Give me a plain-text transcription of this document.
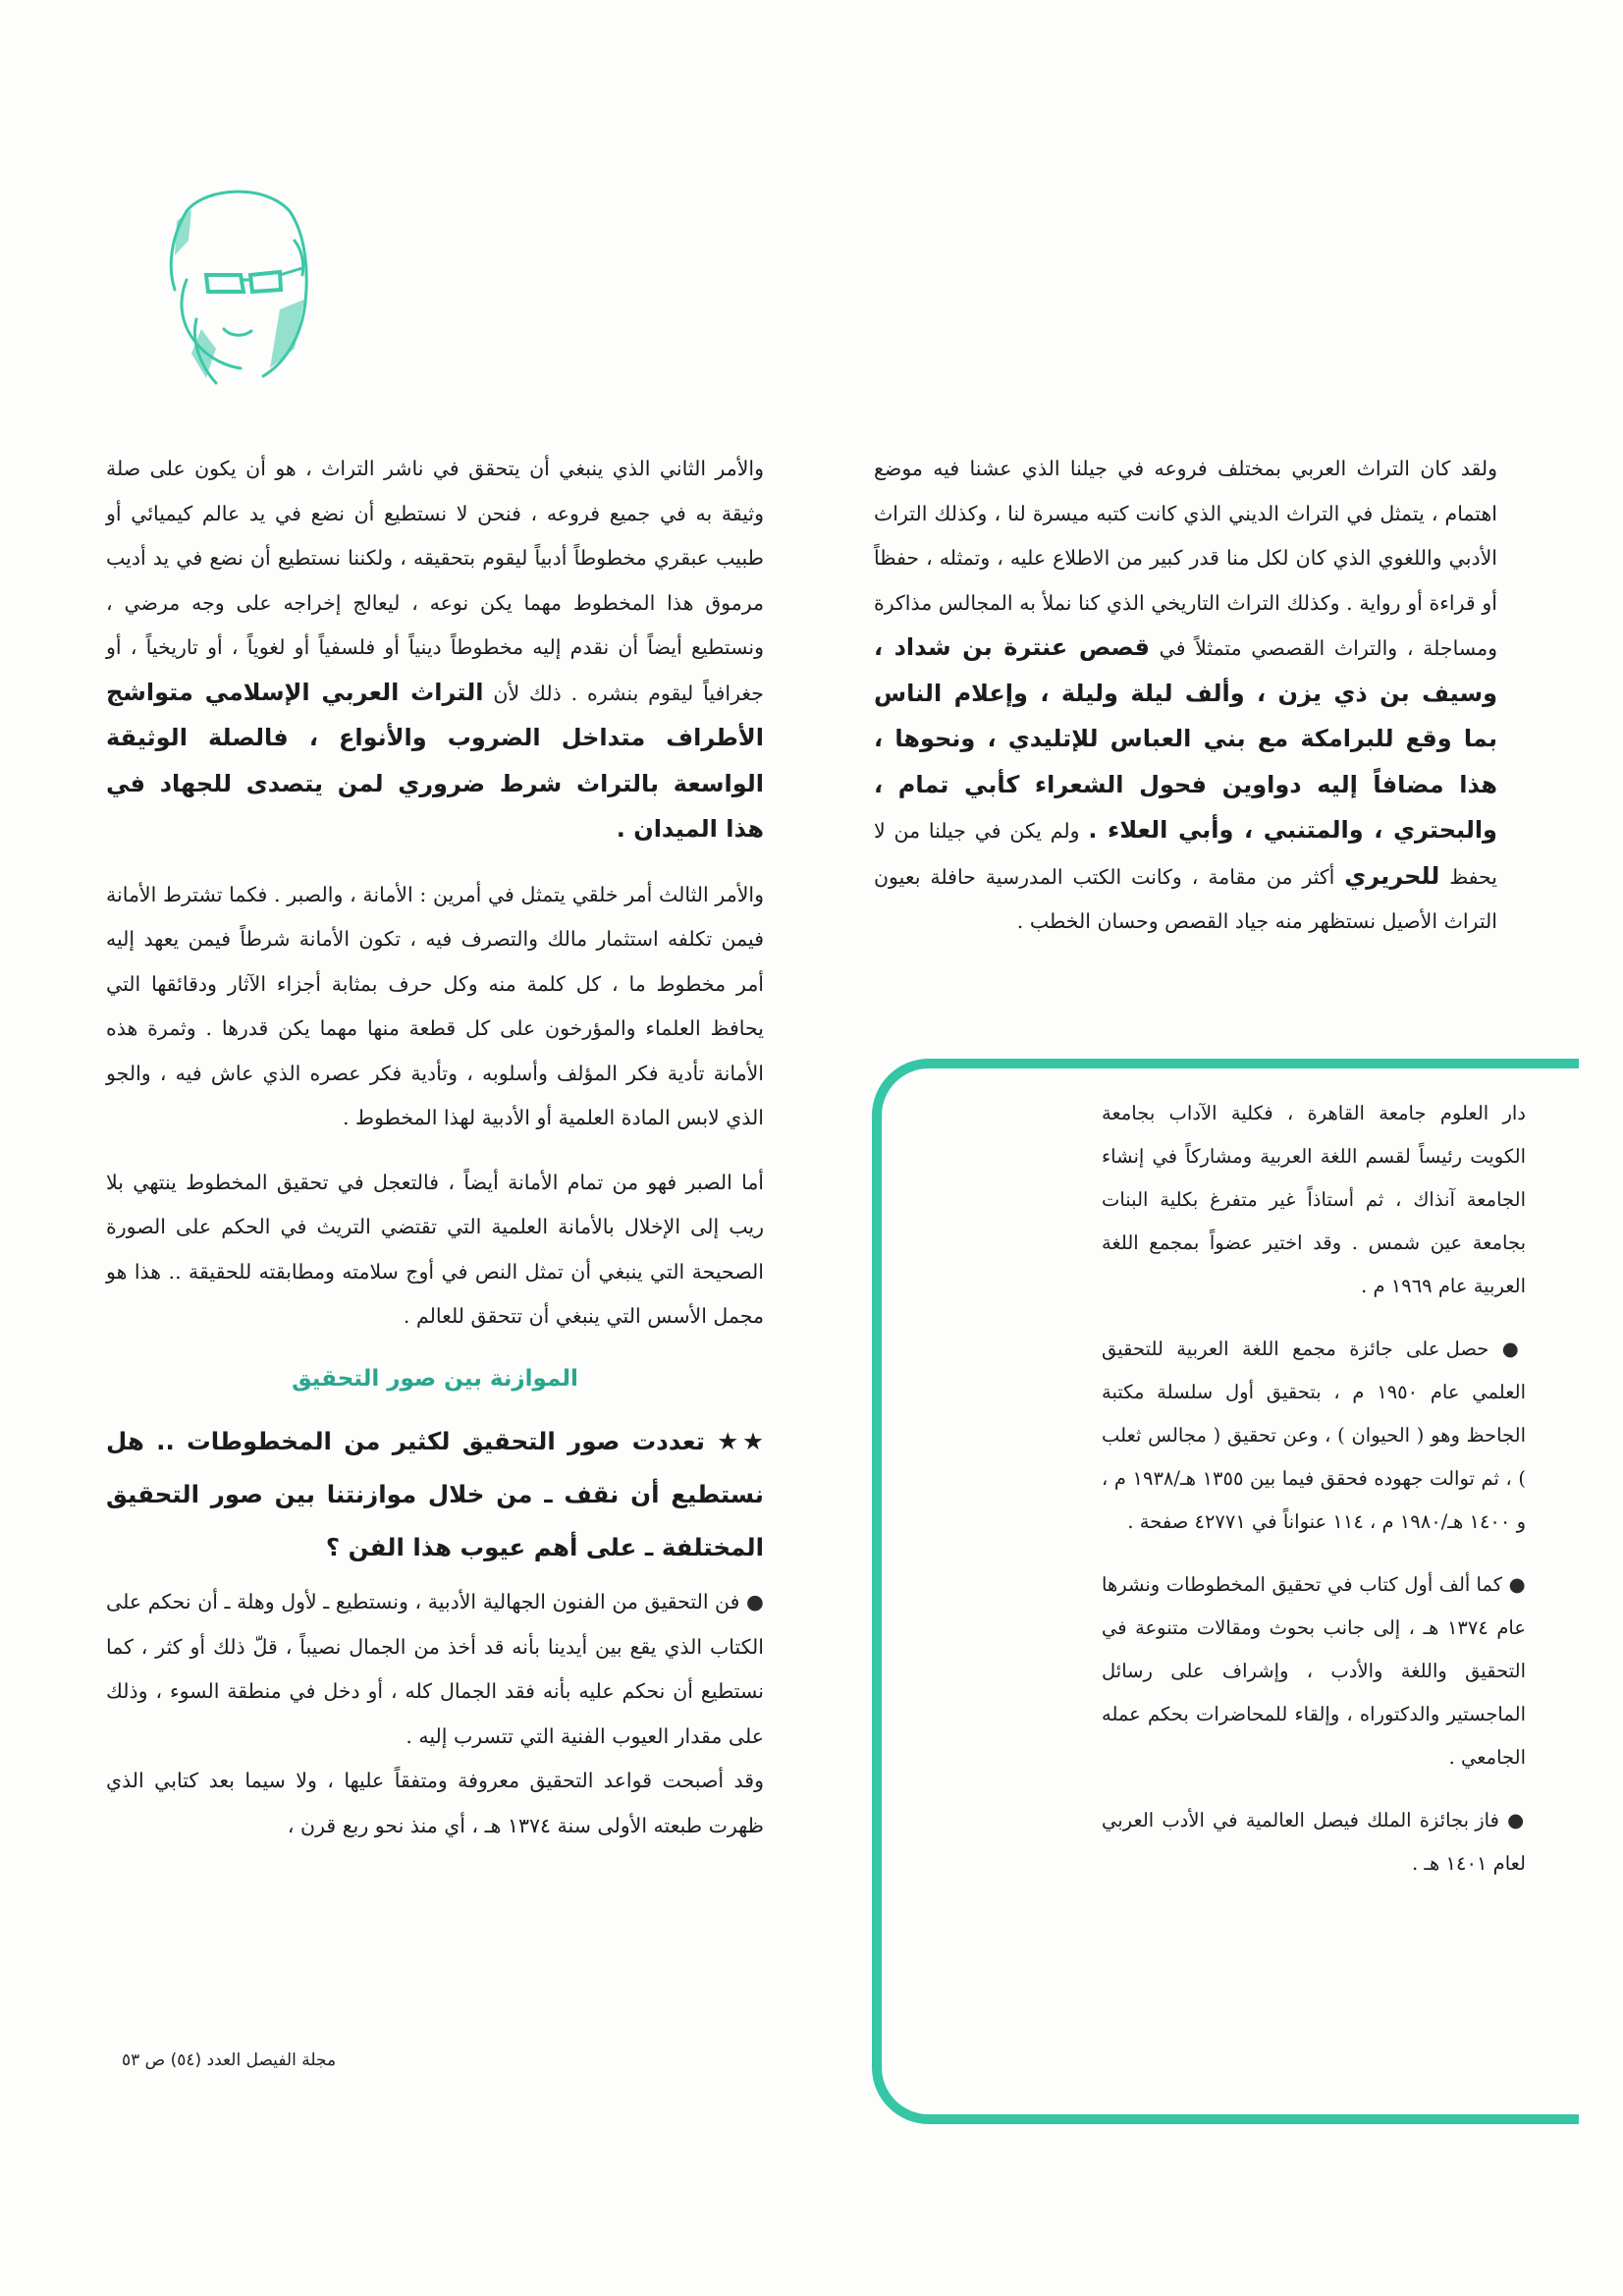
ولقد كان التراث العربي بمختلف فروعه في جيلنا الذي عشنا فيه موضع اهتمام ، يتمثل في التراث الديني الذي كانت كتبه ميسرة لنا ، وكذلك التراث الأدبي واللغوي الذي كان لكل منا قدر كبير من الاطلاع عليه ، وتمثله ، حفظاً أو قراءة أو رواية . وكذلك التراث التاريخي الذي كنا نملأ به المجالس مذاكرة ومساجلة ، والتراث القصصي متمثلاً في قصص عنترة بن شداد ، وسيف بن ذي يزن ، وألف ليلة وليلة ، وإعلام الناس بما وقع للبرامكة مع بني العباس للإتليدي ، ونحوها ، هذا مضافاً إليه دواوين فحول الشعراء كأبي تمام ، والبحتري ، والمتنبي ، وأبي العلاء . ولم يكن في جيلنا من لا يحفظ للحريري أكثر من مقامة ، وكانت الكتب المدرسية حافلة بعيون التراث الأصيل نستظهر منه جياد القصص وحسان الخطب .

دار العلوم جامعة القاهرة ، فكلية الآداب بجامعة الكويت رئيساً لقسم اللغة العربية ومشاركاً في إنشاء الجامعة آنذاك ، ثم أستاذاً غير متفرغ بكلية البنات بجامعة عين شمس . وقد اختير عضواً بمجمع اللغة العربية عام ١٩٦٩ م .

● حصل على جائزة مجمع اللغة العربية للتحقيق العلمي عام ١٩٥٠ م ، بتحقيق أول سلسلة مكتبة الجاحظ وهو ( الحيوان ) ، وعن تحقيق ( مجالس ثعلب ) ، ثم توالت جهوده فحقق فيما بين ١٣٥٥ هـ/١٩٣٨ م ، و ١٤٠٠ هـ/١٩٨٠ م ، ١١٤ عنواناً في ٤٢٧٧١ صفحة .

● كما ألف أول كتاب في تحقيق المخطوطات ونشرها عام ١٣٧٤ هـ ، إلى جانب بحوث ومقالات متنوعة في التحقيق واللغة والأدب ، وإشراف على رسائل الماجستير والدكتوراه ، وإلقاء للمحاضرات بحكم عمله الجامعي .

● فاز بجائزة الملك فيصل العالمية في الأدب العربي لعام ١٤٠١ هـ .

والأمر الثاني الذي ينبغي أن يتحقق في ناشر التراث ، هو أن يكون على صلة وثيقة به في جميع فروعه ، فنحن لا نستطيع أن نضع في يد عالم كيميائي أو طبيب عبقري مخطوطاً أدبياً ليقوم بتحقيقه ، ولكننا نستطيع أن نضع في يد أديب مرموق هذا المخطوط مهما يكن نوعه ، ليعالج إخراجه على وجه مرضي ، ونستطيع أيضاً أن نقدم إليه مخطوطاً دينياً أو فلسفياً أو لغوياً ، أو تاريخياً ، أو جغرافياً ليقوم بنشره . ذلك لأن التراث العربي الإسلامي متواشج الأطراف متداخل الضروب والأنواع ، فالصلة الوثيقة الواسعة بالتراث شرط ضروري لمن يتصدى للجهاد في هذا الميدان .

والأمر الثالث أمر خلقي يتمثل في أمرين : الأمانة ، والصبر . فكما تشترط الأمانة فيمن تكلفه استثمار مالك والتصرف فيه ، تكون الأمانة شرطاً فيمن يعهد إليه أمر مخطوط ما ، كل كلمة منه وكل حرف بمثابة أجزاء الآثار ودقائقها التي يحافظ العلماء والمؤرخون على كل قطعة منها مهما يكن قدرها . وثمرة هذه الأمانة تأدية فكر المؤلف وأسلوبه ، وتأدية فكر عصره الذي عاش فيه ، والجو الذي لابس المادة العلمية أو الأدبية لهذا المخطوط .

أما الصبر فهو من تمام الأمانة أيضاً ، فالتعجل في تحقيق المخطوط ينتهي بلا ريب إلى الإخلال بالأمانة العلمية التي تقتضي التريث في الحكم على الصورة الصحيحة التي ينبغي أن تمثل النص في أوج سلامته ومطابقته للحقيقة .. هذا هو مجمل الأسس التي ينبغي أن تتحقق للعالم .

الموازنة بين صور التحقيق

★★ تعددت صور التحقيق لكثير من المخطوطات .. هل نستطيع أن نقف ـ من خلال موازنتنا بين صور التحقيق المختلفة ـ على أهم عيوب هذا الفن ؟

● فن التحقيق من الفنون الجهالية الأدبية ، ونستطيع ـ لأول وهلة ـ أن نحكم على الكتاب الذي يقع بين أيدينا بأنه قد أخذ من الجمال نصيباً ، قلّ ذلك أو كثر ، كما نستطيع أن نحكم عليه بأنه فقد الجمال كله ، أو دخل في منطقة السوء ، وذلك على مقدار العيوب الفنية التي تتسرب إليه .

وقد أصبحت قواعد التحقيق معروفة ومتفقاً عليها ، ولا سيما بعد كتابي الذي ظهرت طبعته الأولى سنة ١٣٧٤ هـ ، أي منذ نحو ربع قرن ،

مجلة الفيصل العدد (٥٤) ص ٥٣
